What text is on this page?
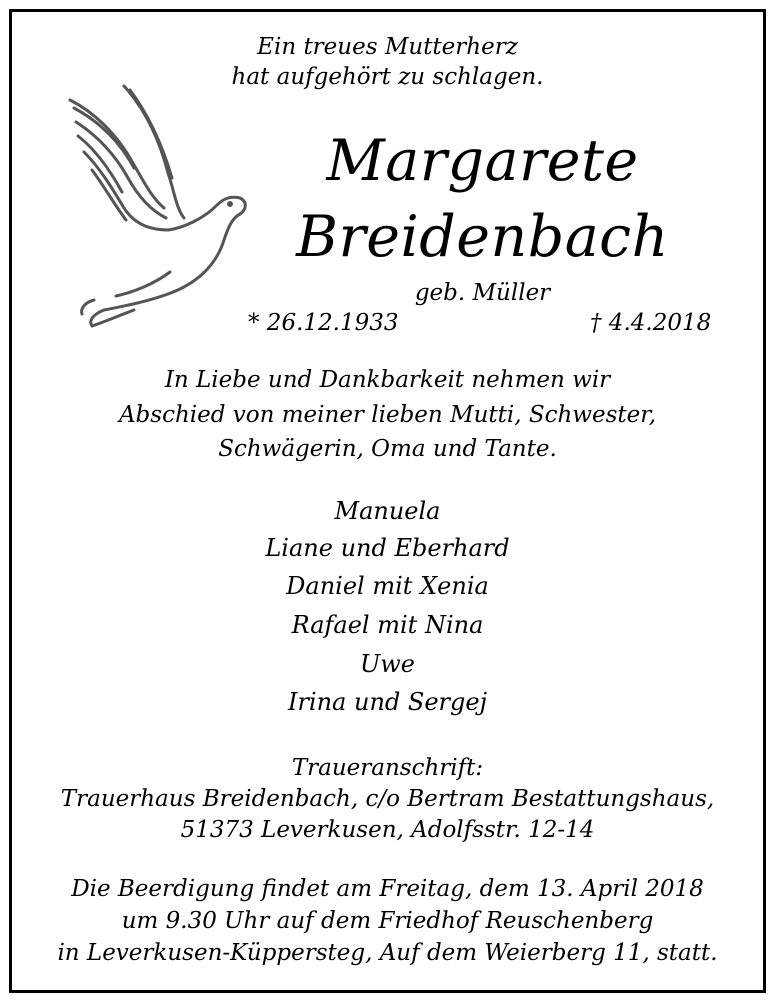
Ein treues Mutterherz
hat aufgehört zu schlagen.
Margarete
Breidenbach
geb. Müller
* 26.12.1933	† 4.4.2018
In Liebe und Dankbarkeit nehmen wir
Abschied von meiner lieben Mutti, Schwester,
Schwägerin, Oma und Tante.
Manuela
Liane und Eberhard
Daniel mit Xenia
Rafael mit Nina
Uwe
Irina und Sergej
Traueranschrift:
Trauerhaus Breidenbach, c/o Bertram Bestattungshaus,
51373 Leverkusen, Adolfsstr. 12-14
Die Beerdigung findet am Freitag, dem 13. April 2018
um 9.30 Uhr auf dem Friedhof Reuschenberg
in Leverkusen-Küppersteg, Auf dem Weierberg 11, statt.
